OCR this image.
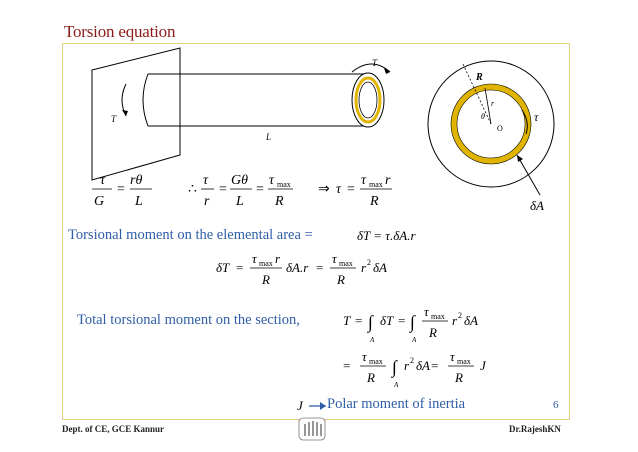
Torsion equation
T
T
L
R
r
θ
O
τ
δA
τ
G
=
rθ
L
∴
τ
r
=
Gθ
L
=
τ max
R
⇒ τ =
τ max r
R
δT = τ.δA.r
δT =
τ max r
R
δA.r =
τ max
R
r 2 δA
T = ∫
A
δT = ∫
A
τ max
R
r 2 δA
=
τ max
R
∫
A
r 2 δA =
τ max
R
J
J
Torsional moment on the elemental area =
Total torsional moment on the section,
Polar moment of inertia	6
Dept. of CE, GCE Kannur	Dr.RajeshKN
